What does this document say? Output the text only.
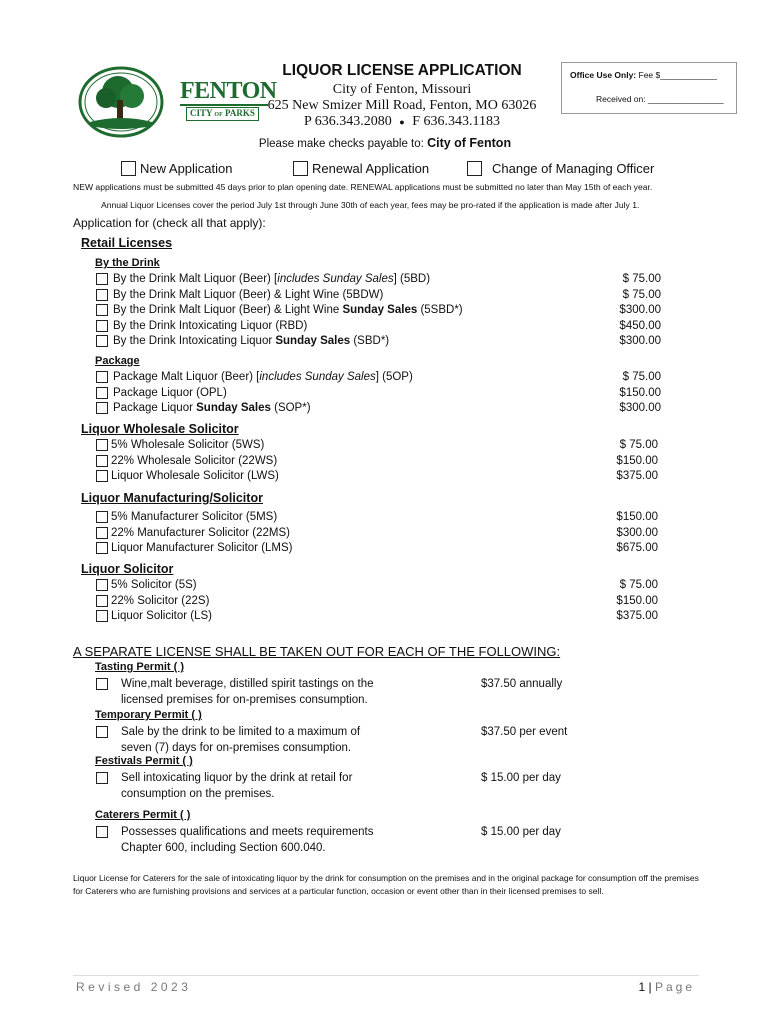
FENTON
CITY OF PARKS
LIQUOR LICENSE APPLICATION
City of Fenton, Missouri
625 New Smizer Mill Road, Fenton, MO 63026
P 636.343.2080 ● F 636.343.1183
Office Use Only: Fee $____________
Received on: ________________
Please make checks payable to: City of Fenton
New Application	Renewal Application	Change of Managing Officer
NEW applications must be submitted 45 days prior to plan opening date. RENEWAL applications must be submitted no later than May 15th of each year.
Annual Liquor Licenses cover the period July 1st through June 30th of each year, fees may be pro-rated if the application is made after July 1.
Application for (check all that apply):
Retail Licenses
By the Drink
By the Drink Malt Liquor (Beer) [includes Sunday Sales] (5BD)	$ 75.00
By the Drink Malt Liquor (Beer) & Light Wine (5BDW)	$ 75.00
By the Drink Malt Liquor (Beer) & Light Wine Sunday Sales (5SBD*)	$300.00
By the Drink Intoxicating Liquor (RBD)	$450.00
By the Drink Intoxicating Liquor Sunday Sales (SBD*)	$300.00
Package
Package Malt Liquor (Beer) [includes Sunday Sales] (5OP)	$ 75.00
Package Liquor (OPL)	$150.00
Package Liquor Sunday Sales (SOP*)	$300.00
Liquor Wholesale Solicitor
5% Wholesale Solicitor (5WS)	$ 75.00
22% Wholesale Solicitor (22WS)	$150.00
Liquor Wholesale Solicitor (LWS)	$375.00
Liquor Manufacturing/Solicitor
5% Manufacturer Solicitor (5MS)	$150.00
22% Manufacturer Solicitor (22MS)	$300.00
Liquor Manufacturer Solicitor (LMS)	$675.00
Liquor Solicitor
5% Solicitor (5S)	$ 75.00
22% Solicitor (22S)	$150.00
Liquor Solicitor (LS)	$375.00
A SEPARATE LICENSE SHALL BE TAKEN OUT FOR EACH OF THE FOLLOWING:
Tasting Permit ( )
Wine,malt beverage, distilled spirit tastings on the
licensed premises for on-premises consumption.
$37.50 annually
Temporary Permit ( )
Sale by the drink to be limited to a maximum of
seven (7) days for on-premises consumption.
$37.50 per event
Festivals Permit ( )
Sell intoxicating liquor by the drink at retail for
consumption on the premises.
$ 15.00 per day
Caterers Permit ( )
Possesses qualifications and meets requirements
Chapter 600, including Section 600.040.
$ 15.00 per day
Liquor License for Caterers for the sale of intoxicating liquor by the drink for consumption on the premises and in the original package for consumption off the premises for Caterers who are furnishing provisions and services at a particular function, occasion or event other than in their licensed premises to sell.
Revised 2023	1 | Page
